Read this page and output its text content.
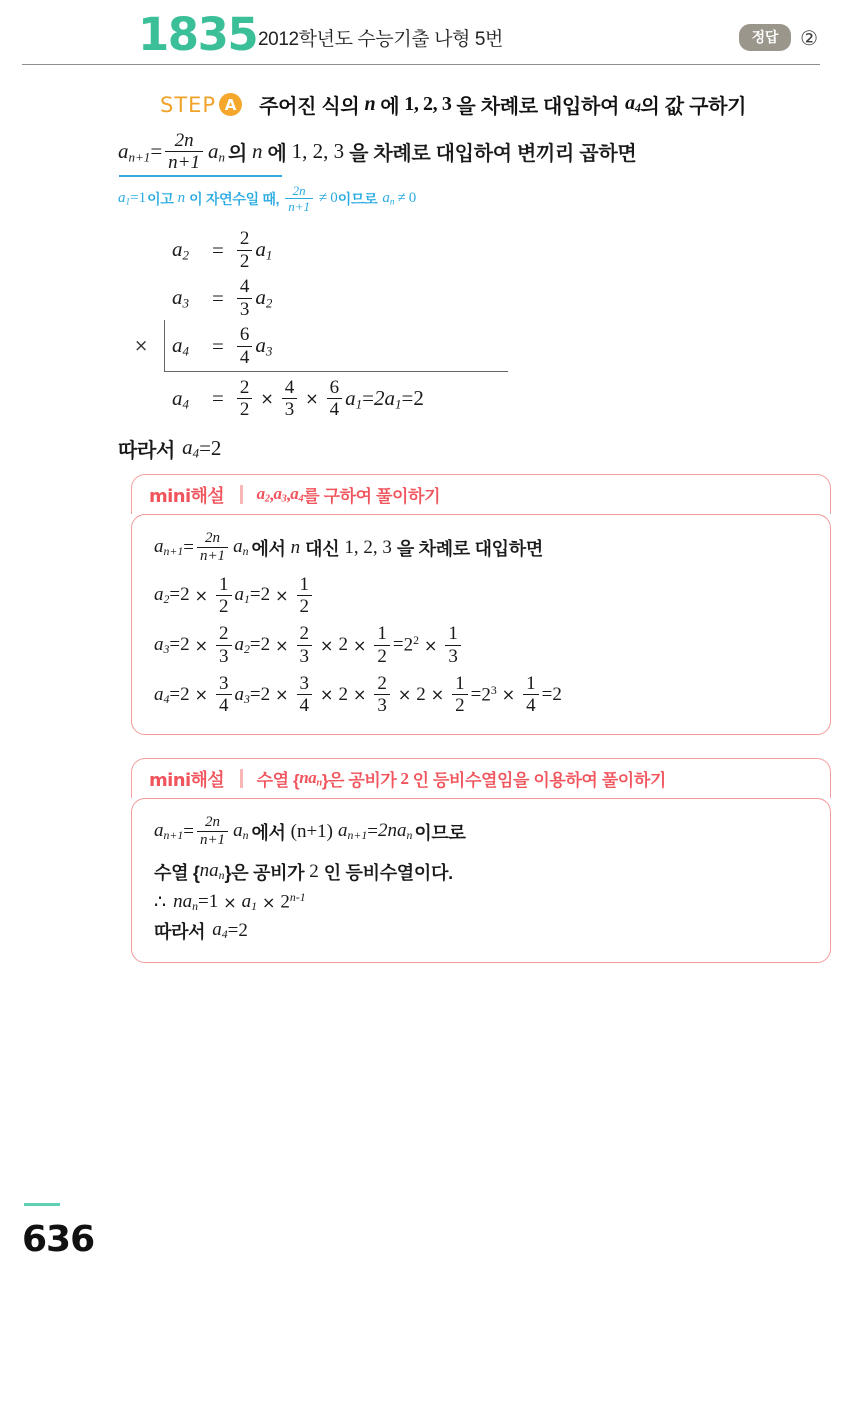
1835 2012학년도 수능기출 나형 5번	정답	②
STEP A 주어진 식의 n 에 1, 2, 3 을 차례로 대입하여 $a_4$ 의 값 구하기
$a_{n+1} = \frac{2n}{n+1} a_n$ 의 n 에 1, 2, 3 을 차례로 대입하여 변끼리 곱하면
$a_1 = 1$ 이고 n 이 자연수일 때, $\frac{2n}{n+1} \ne 0$ 이므로 $a_n \ne 0$
$a_2$	= $\frac{2}{2} a_1$
$a_3$	= $\frac{4}{3} a_2$
$a_4$	= $\frac{6}{4} a_3$
×
$a_4$	= $\frac{2}{2} \times \frac{4}{3} \times \frac{6}{4} a_1 = 2a_1 = 2$
따라서 $a_4 = 2$
mini해설 $a_2$ , $a_3$ , $a_4$ 를 구하여 풀이하기
$a_{n+1} = \frac{2n}{n+1} a_n$ 에서 n 대신 1, 2, 3 을 차례로 대입하면
$a_2 = 2 \times \frac{1}{2} a_1 = 2 \times \frac{1}{2}$
$a_3 = 2 \times \frac{2}{3} a_2 = 2 \times \frac{2}{3} \times 2 \times \frac{1}{2} = 2^2 \times \frac{1}{3}$
$a_4 = 2 \times \frac{3}{4} a_3 = 2 \times \frac{3}{4} \times 2 \times \frac{2}{3} \times 2 \times \frac{1}{2} = 2^3 \times \frac{1}{4} = 2$
mini해설 수열 { $na_n$ }은 공비가 2 인 등비수열임을 이용하여 풀이하기
$a_{n+1} = \frac{2n}{n+1} a_n$ 에서 (n+1) $a_{n+1} = 2na_n$ 이므로
수열 { $na_n$ }은 공비가 2 인 등비수열이다.
∴ $na_n = 1 \times a_1 \times 2^{n-1}$
따라서 $a_4 = 2$
636
